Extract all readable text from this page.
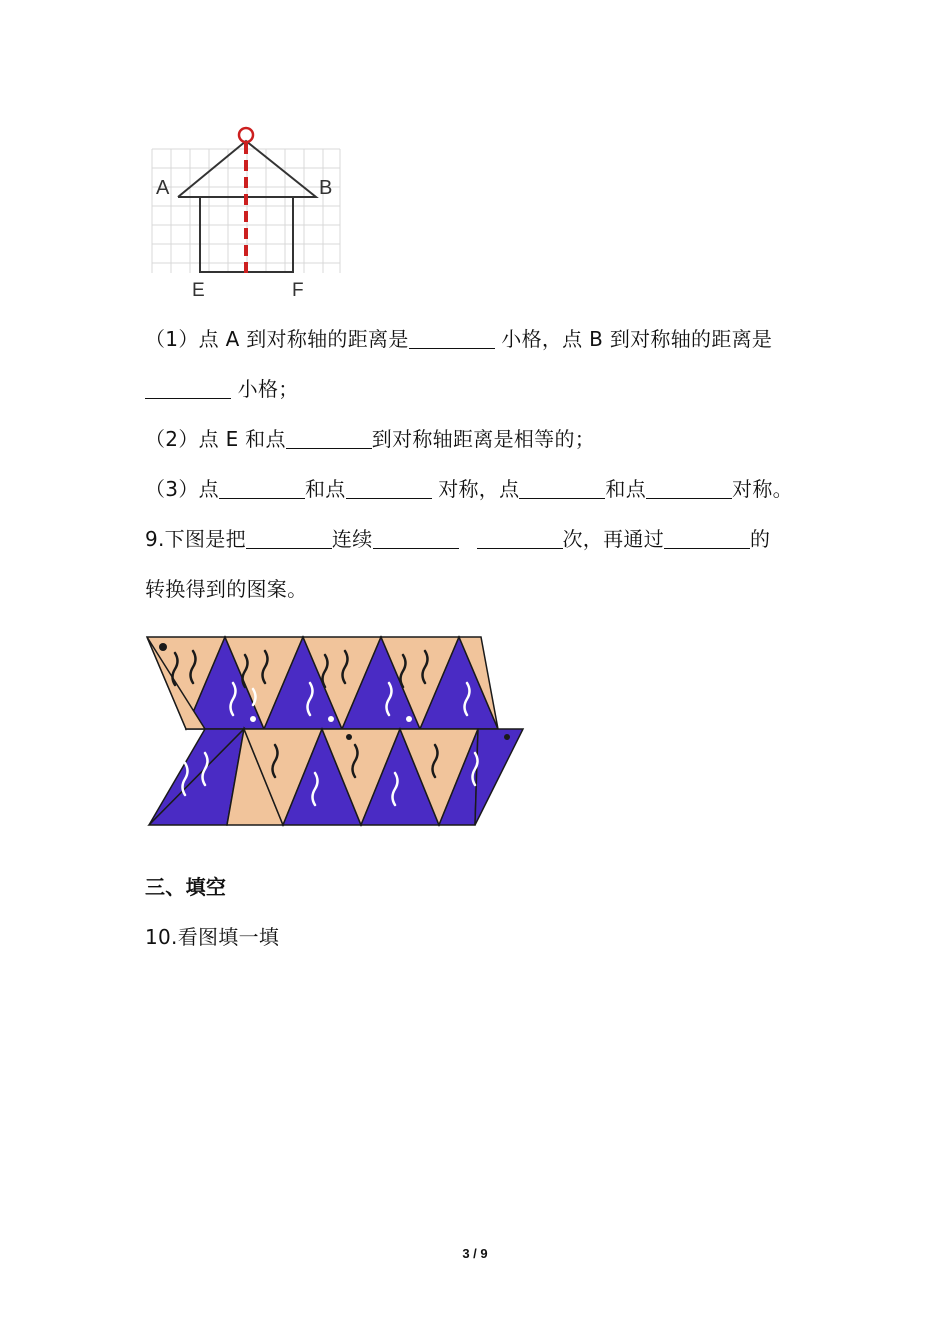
A	B
E	F
（1）点 A 到对称轴的距离是	小格，点 B 到对称轴的距离是
小格；
（2）点 E 和点	到对称轴距离是相等的；
（3）点	和点	对称，点	和点	对称。
9.下图是把	连续	次，再通过	的
转换得到的图案。
三、填空
10.看图填一填
3 / 9
